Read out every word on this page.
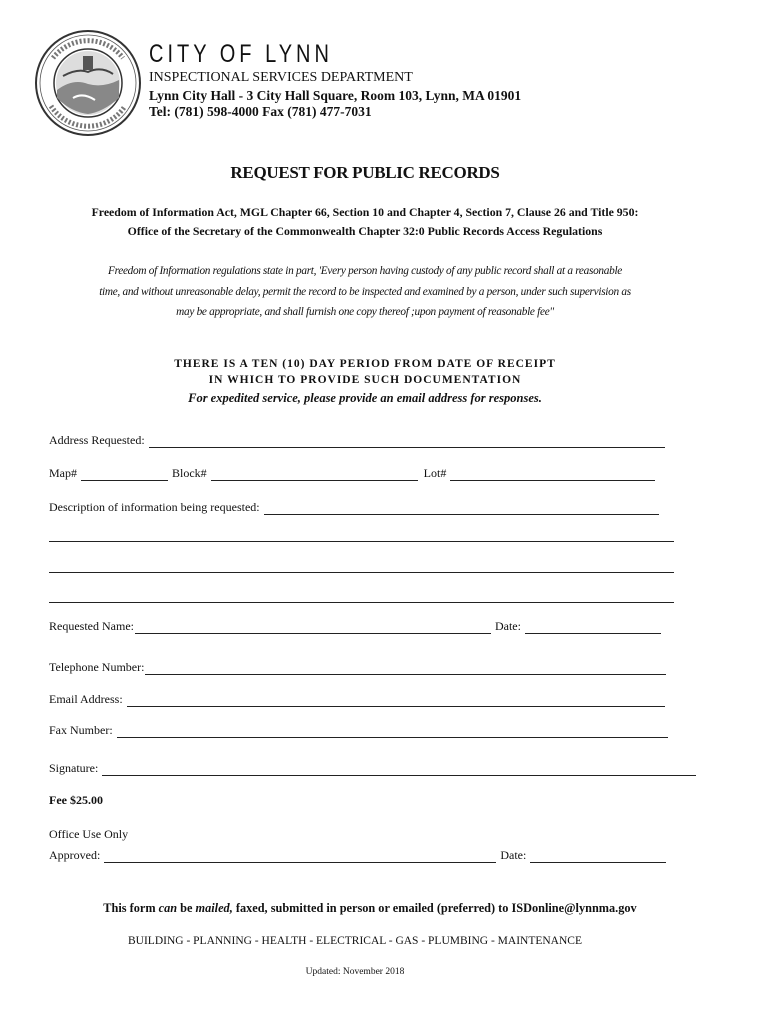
CITY OF LYNN
INSPECTIONAL SERVICES DEPARTMENT
Lynn City Hall - 3 City Hall Square, Room 103, Lynn, MA 01901
Tel: (781) 598-4000 Fax (781) 477-7031
REQUEST FOR PUBLIC RECORDS
Freedom of Information Act, MGL Chapter 66, Section 10 and Chapter 4, Section 7, Clause 26 and Title 950:
Office of the Secretary of the Commonwealth Chapter 32:0 Public Records Access Regulations
Freedom of Information regulations state in part, 'Every person having custody of any public record shall at a reasonable
time, and without unreasonable delay, permit the record to be inspected and examined by a person, under such supervision as
may be appropriate, and shall furnish one copy thereof ;upon payment of reasonable fee"
THERE IS A TEN (10) DAY PERIOD FROM DATE OF RECEIPT
IN WHICH TO PROVIDE SUCH DOCUMENTATION
For expedited service, please provide an email address for responses.
Address Requested:
Map#	Block#	Lot#
Description of information being requested:
Requested Name:	Date:
Telephone Number:
Email Address:
Fax Number:
Signature:
Fee $25.00
Office Use Only
Approved:	Date:
This form can be mailed, faxed, submitted in person or emailed (preferred) to ISDonline@lynnma.gov
BUILDING - PLANNING - HEALTH - ELECTRICAL - GAS - PLUMBING - MAINTENANCE
Updated: November 2018
